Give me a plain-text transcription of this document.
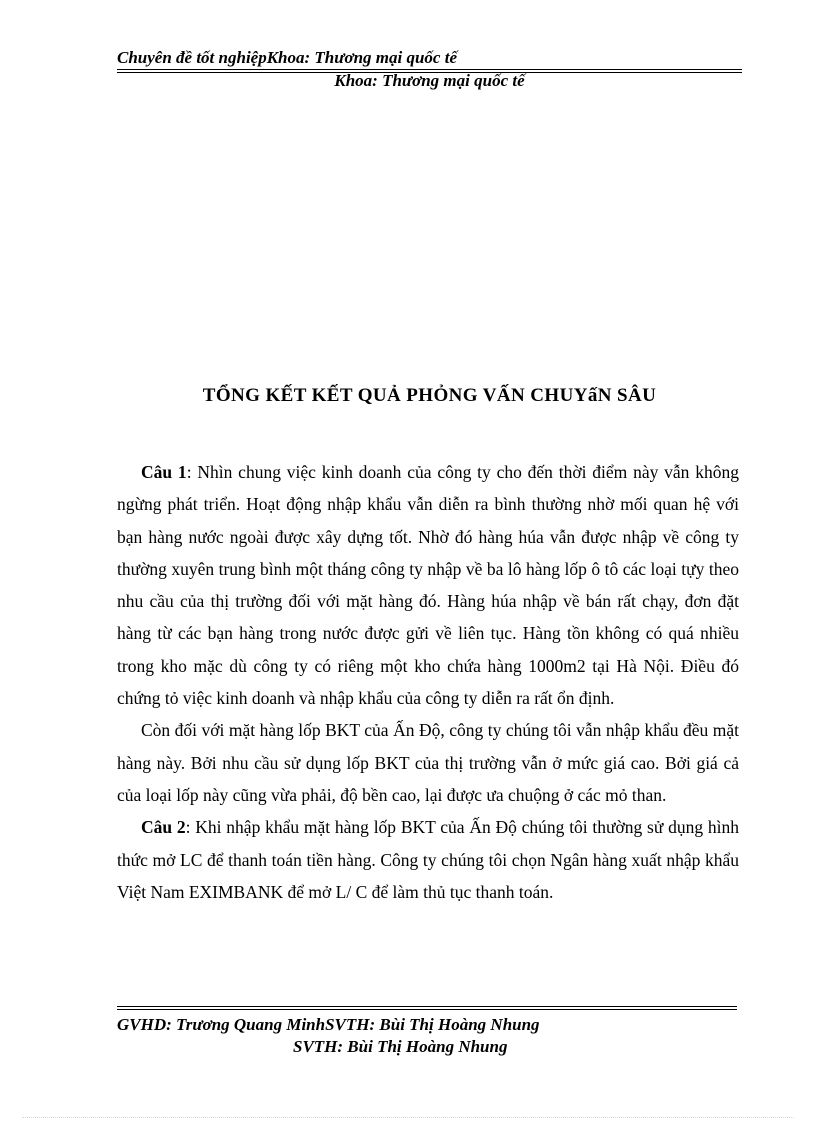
Chuyên đề tốt nghiệpKhoa: Thương mại quốc tế
Khoa: Thương mại quốc tế
TỔNG KẾT KẾT QUẢ PHỎNG VẤN CHUYấN SÂU

Câu 1: Nhìn chung việc kinh doanh của công ty cho đến thời điểm này vẫn không ngừng phát triển. Hoạt động nhập khẩu vẫn diễn ra bình thường nhờ mối quan hệ với bạn hàng nước ngoài được xây dựng tốt. Nhờ đó hàng húa vẫn được nhập về công ty thường xuyên trung bình một tháng công ty nhập về ba lô hàng lốp ô tô các loại tựy theo nhu cầu của thị trường đối với mặt hàng đó. Hàng húa nhập về bán rất chạy, đơn đặt hàng từ các bạn hàng trong nước được gửi về liên tục. Hàng tồn không có quá nhiều trong kho mặc dù công ty có riêng một kho chứa hàng 1000m2 tại Hà Nội. Điều đó chứng tỏ việc kinh doanh và nhập khẩu của công ty diễn ra rất ổn định.

Còn đối với mặt hàng lốp BKT của Ấn Độ, công ty chúng tôi vẫn nhập khẩu đều mặt hàng này. Bởi nhu cầu sử dụng lốp BKT của thị trường vẫn ở mức giá cao. Bởi giá cả của loại lốp này cũng vừa phải, độ bền cao, lại được ưa chuộng ở các mỏ than.

Câu 2: Khi nhập khẩu mặt hàng lốp BKT của Ấn Độ chúng tôi thường sử dụng hình thức mở LC để thanh toán tiền hàng. Công ty chúng tôi chọn Ngân hàng xuất nhập khẩu Việt Nam EXIMBANK để mở L/ C để làm thủ tục thanh toán.

GVHD: Trương Quang MinhSVTH: Bùi Thị Hoàng Nhung
SVTH: Bùi Thị Hoàng Nhung
